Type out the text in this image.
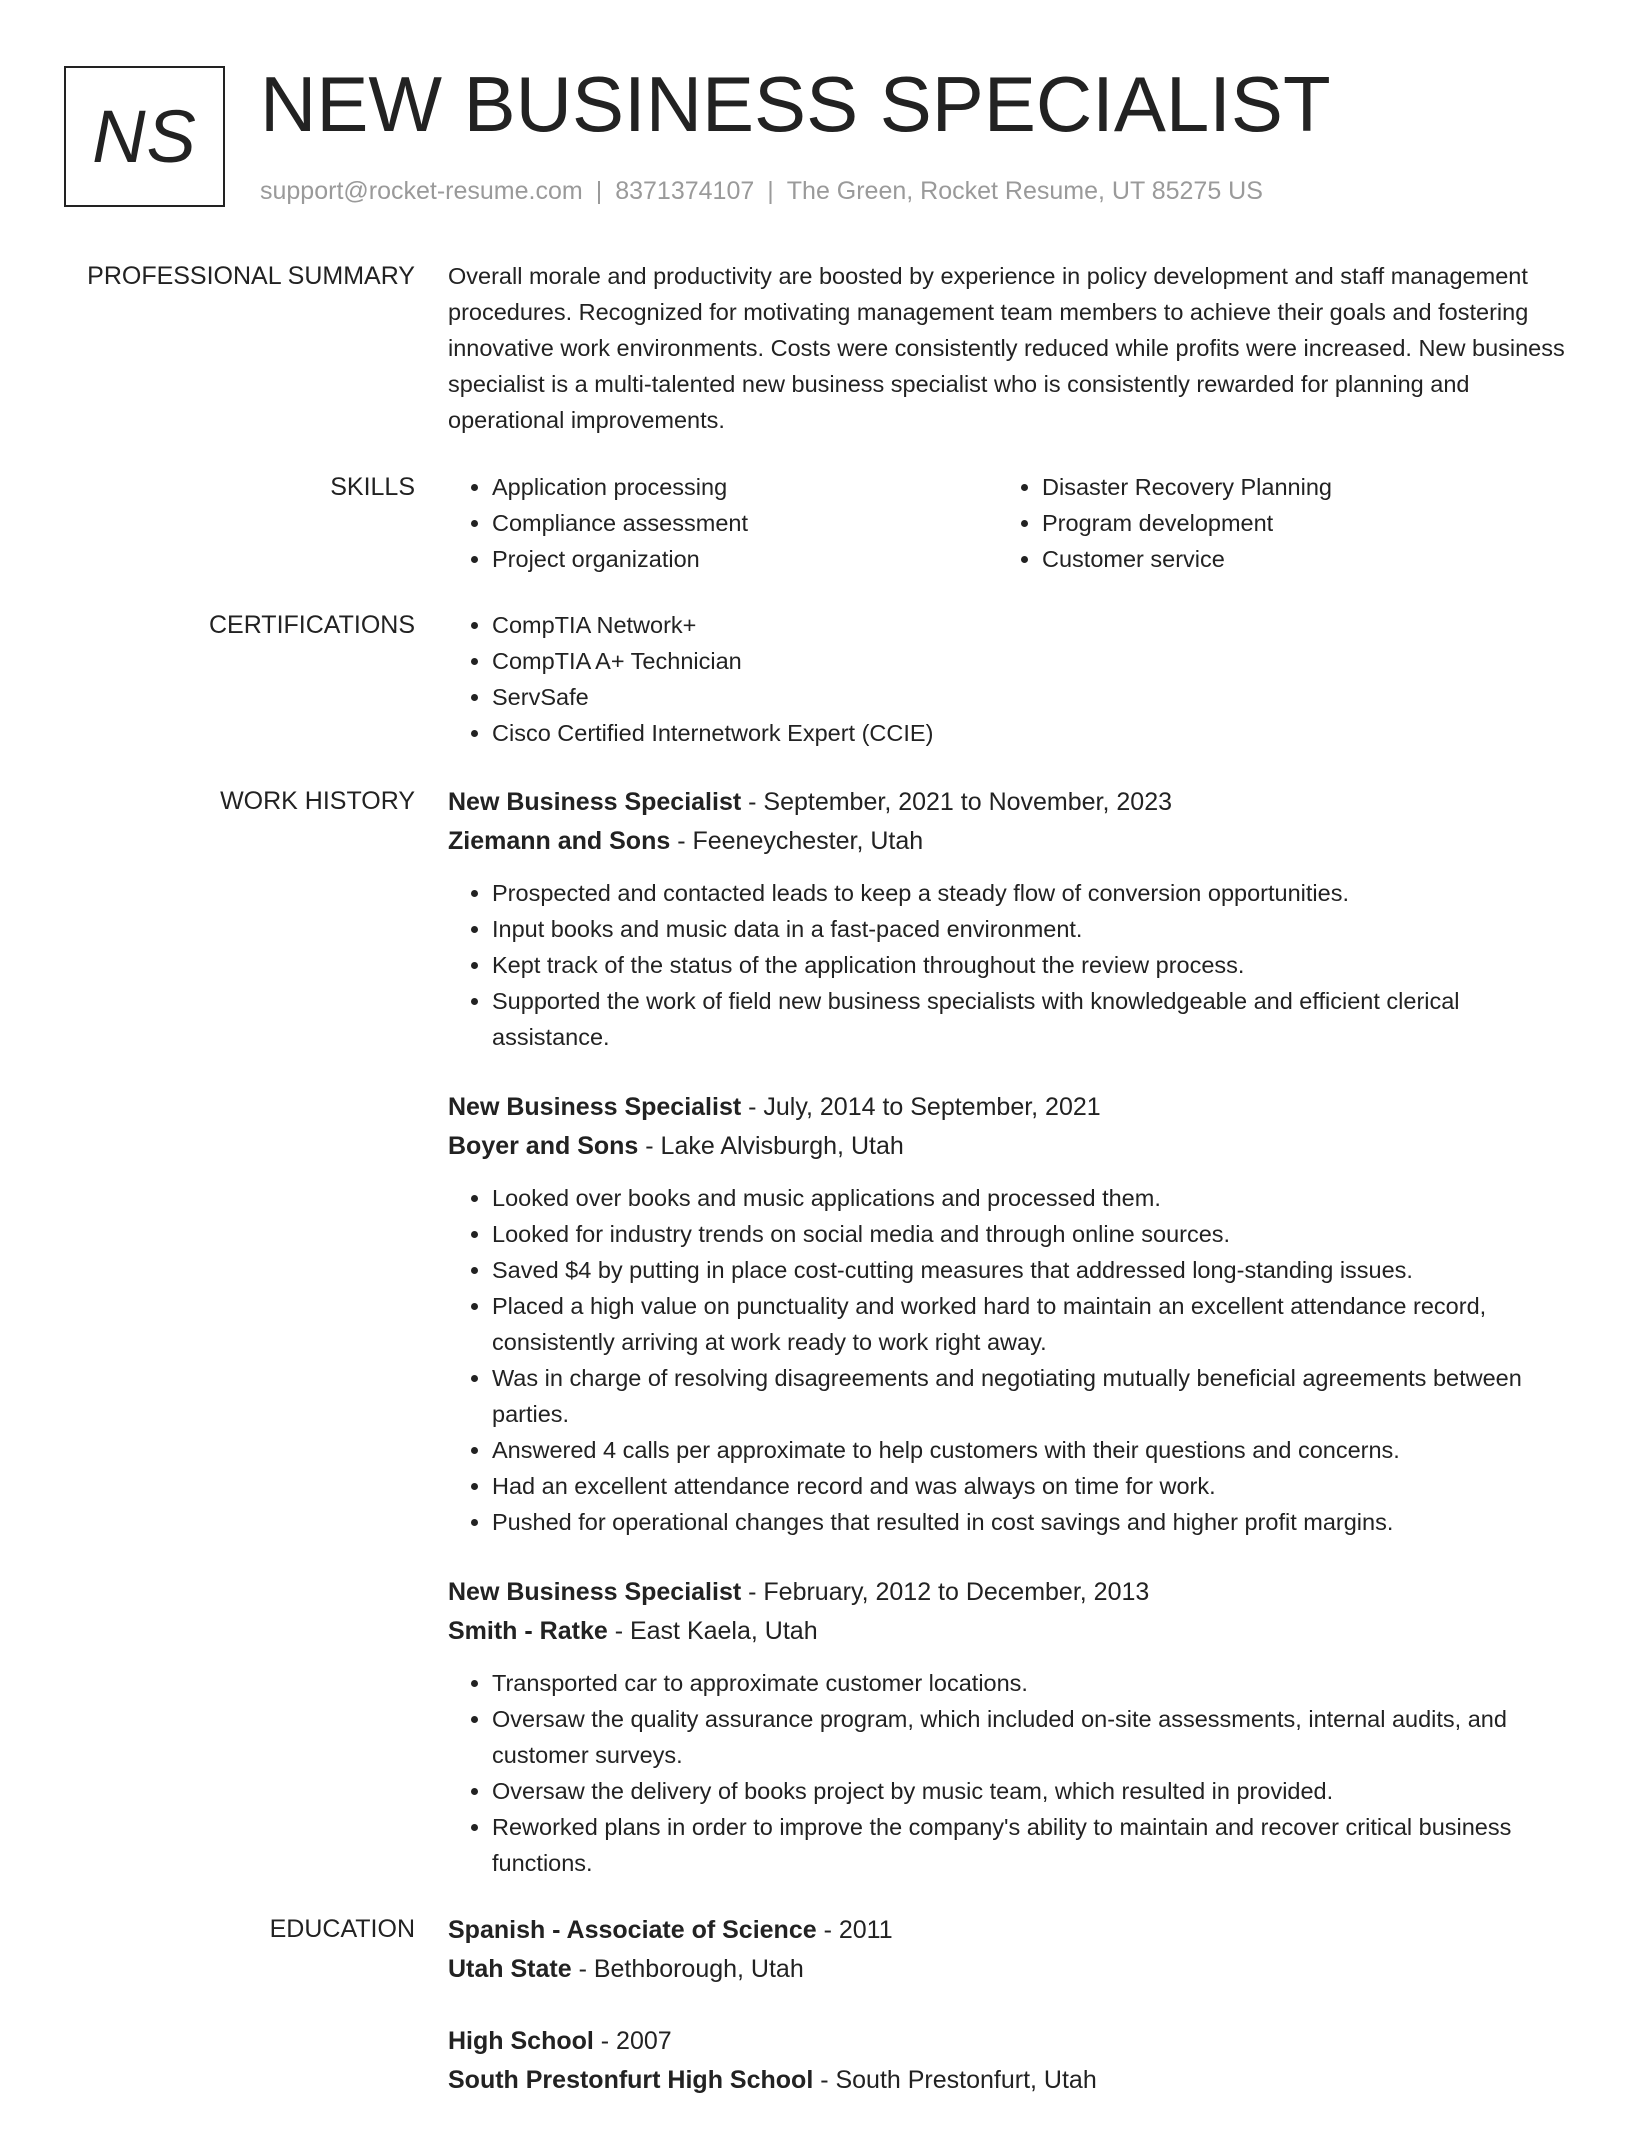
NS NEW BUSINESS SPECIALIST
support@rocket-resume.com | 8371374107 | The Green, Rocket Resume, UT 85275 US
PROFESSIONAL SUMMARY Overall morale and productivity are boosted by experience in policy development and staff management procedures. Recognized for motivating management team members to achieve their goals and fostering innovative work environments. Costs were consistently reduced while profits were increased. New business specialist is a multi-talented new business specialist who is consistently rewarded for planning and operational improvements.

SKILLS	• Application processing
• Compliance assessment
• Project organization
• Disaster Recovery Planning
• Program development
• Customer service
CERTIFICATIONS	• CompTIA Network+
• CompTIA A+ Technician
• ServSafe
• Cisco Certified Internetwork Expert (CCIE)
WORK HISTORY New Business Specialist - September, 2021 to November, 2023
Ziemann and Sons - Feeneychester, Utah
• Prospected and contacted leads to keep a steady flow of conversion opportunities.
• Input books and music data in a fast-paced environment.
• Kept track of the status of the application throughout the review process.
• Supported the work of field new business specialists with knowledgeable and efficient clerical assistance.
New Business Specialist - July, 2014 to September, 2021
Boyer and Sons - Lake Alvisburgh, Utah
• Looked over books and music applications and processed them.
• Looked for industry trends on social media and through online sources.
• Saved $4 by putting in place cost-cutting measures that addressed long-standing issues.
• Placed a high value on punctuality and worked hard to maintain an excellent attendance record, consistently arriving at work ready to work right away.
• Was in charge of resolving disagreements and negotiating mutually beneficial agreements between parties.
• Answered 4 calls per approximate to help customers with their questions and concerns.
• Had an excellent attendance record and was always on time for work.
• Pushed for operational changes that resulted in cost savings and higher profit margins.
New Business Specialist - February, 2012 to December, 2013
Smith - Ratke - East Kaela, Utah
• Transported car to approximate customer locations.
• Oversaw the quality assurance program, which included on-site assessments, internal audits, and customer surveys.
• Oversaw the delivery of books project by music team, which resulted in provided.
• Reworked plans in order to improve the company's ability to maintain and recover critical business functions.
EDUCATION Spanish - Associate of Science - 2011
Utah State - Bethborough, Utah
High School - 2007
South Prestonfurt High School - South Prestonfurt, Utah
